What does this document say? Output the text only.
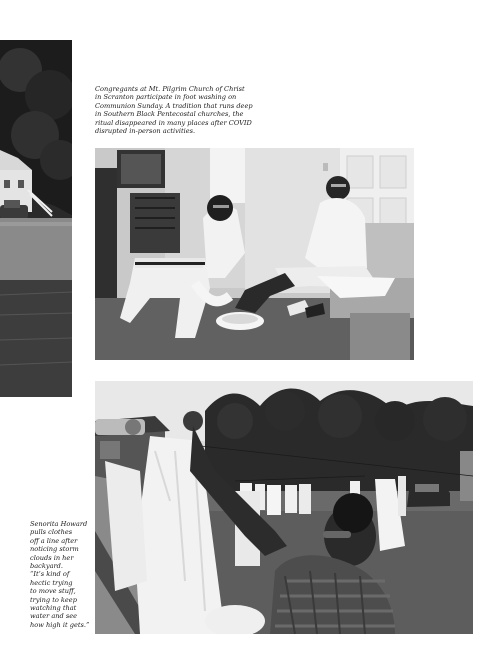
Congregants at Mt. Pilgrim Church of Christ
in Scranton participate in foot washing on
Communion Sunday. A tradition that runs deep
in Southern Black Pentecostal churches, the
ritual disappeared in many places after COVID
disrupted in-person activities.

Senorita Howard
pulls clothes
off a line after
noticing storm
clouds in her
backyard.
“It’s kind of
hectic trying
to move stuff,
trying to keep
watching that
water and see
how high it gets.”
